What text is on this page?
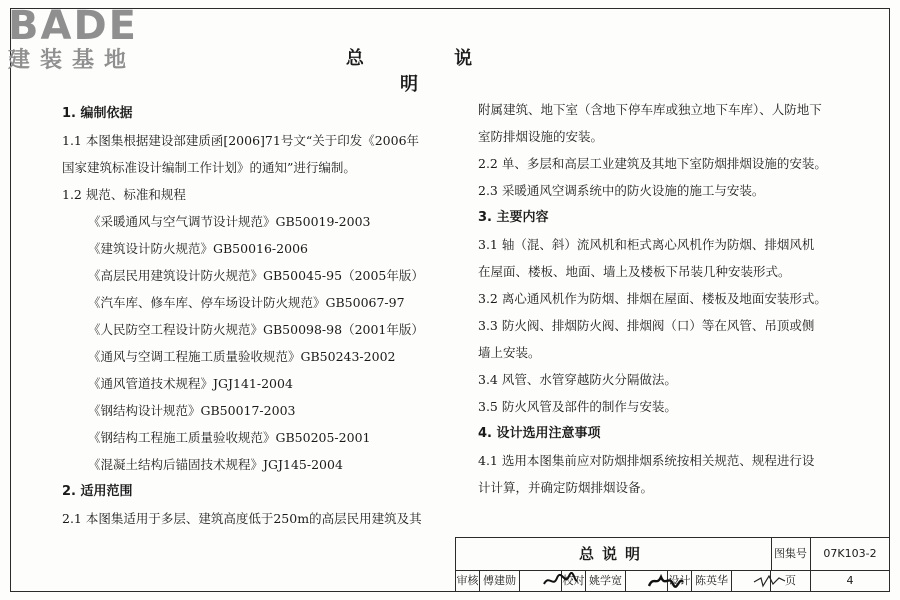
BADE
建装基地	总 说 明
1. 编制依据
1.1 本图集根据建设部建质函[2006]71号文“关于印发《2006年
国家建筑标准设计编制工作计划》的通知”进行编制。
1.2 规范、标准和规程
《采暖通风与空气调节设计规范》GB50019-2003
《建筑设计防火规范》GB50016-2006
《高层民用建筑设计防火规范》GB50045-95（2005年版）
《汽车库、修车库、停车场设计防火规范》GB50067-97
《人民防空工程设计防火规范》GB50098-98（2001年版）
《通风与空调工程施工质量验收规范》GB50243-2002
《通风管道技术规程》JGJ141-2004
《钢结构设计规范》GB50017-2003
《钢结构工程施工质量验收规范》GB50205-2001
《混凝土结构后锚固技术规程》JGJ145-2004
2. 适用范围
2.1 本图集适用于多层、建筑高度低于250m的高层民用建筑及其
附属建筑、地下室（含地下停车库或独立地下车库）、人防地下
室防排烟设施的安装。
2.2 单、多层和高层工业建筑及其地下室防烟排烟设施的安装。
2.3 采暖通风空调系统中的防火设施的施工与安装。
3. 主要内容
3.1 轴（混、斜）流风机和柜式离心风机作为防烟、排烟风机
在屋面、楼板、地面、墙上及楼板下吊装几种安装形式。
3.2 离心通风机作为防烟、排烟在屋面、楼板及地面安装形式。
3.3 防火阀、排烟防火阀、排烟阀（口）等在风管、吊顶或侧
墙上安装。
3.4 风管、水管穿越防火分隔做法。
3.5 防火风管及部件的制作与安装。
4. 设计选用注意事项
4.1 选用本图集前应对防烟排烟系统按相关规范、规程进行设
计计算，并确定防烟排烟设备。
总说明	图集号	07K103-2
审核 傅建勋	校对 姚学宽	设计 陈英华	页	4
